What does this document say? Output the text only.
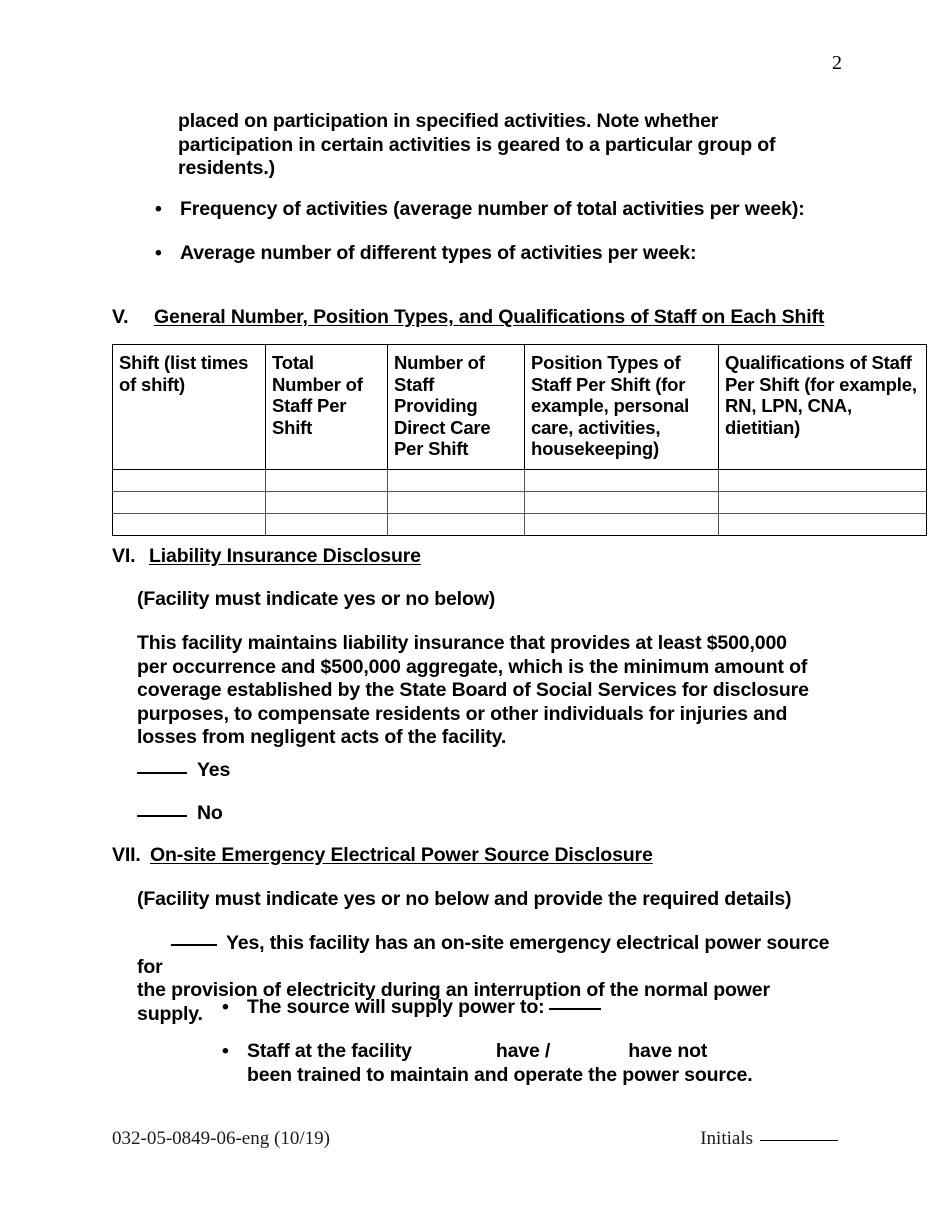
2
placed on participation in specified activities. Note whether participation in certain activities is geared to a particular group of residents.)
• Frequency of activities (average number of total activities per week):
• Average number of different types of activities per week:
V.	General Number, Position Types, and Qualifications of Staff on Each Shift
Shift (list times of shift)	Total Number of Staff Per Shift	Number of Staff Providing Direct Care Per Shift	Position Types of Staff Per Shift (for example, personal care, activities, housekeeping)	Qualifications of Staff Per Shift (for example, RN, LPN, CNA, dietitian)

VI. Liability Insurance Disclosure
(Facility must indicate yes or no below)
This facility maintains liability insurance that provides at least $500,000 per occurrence and $500,000 aggregate, which is the minimum amount of coverage established by the State Board of Social Services for disclosure purposes, to compensate residents or other individuals for injuries and losses from negligent acts of the facility.
Yes
No
VII. On-site Emergency Electrical Power Source Disclosure
(Facility must indicate yes or no below and provide the required details)
Yes, this facility has an on-site emergency electrical power source for
the provision of electricity during an interruption of the normal power supply. • The source will supply power to:
• Staff at the facility	have /	have not
been trained to maintain and operate the power source.
032-05-0849-06-eng (10/19)	Initials
